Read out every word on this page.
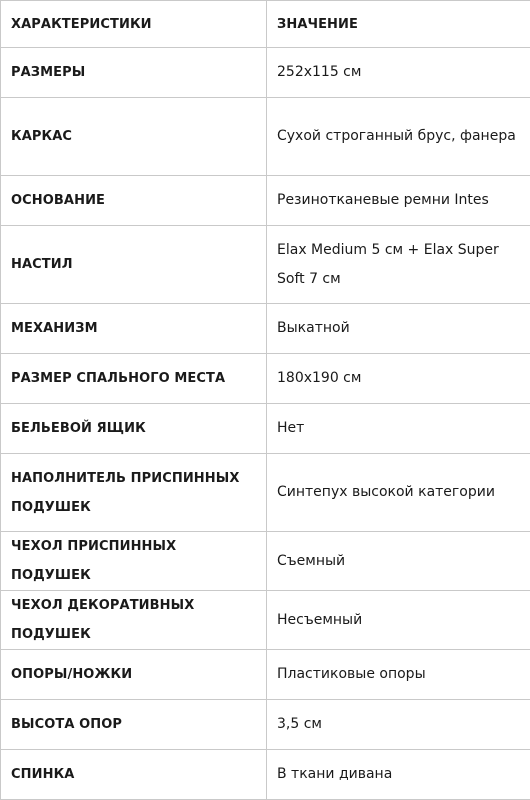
ХАРАКТЕРИСТИКИ	ЗНАЧЕНИЕ
РАЗМЕРЫ	252х115 см
КАРКАС	Сухой строганный брус, фанера
ОСНОВАНИЕ	Резинотканевые ремни Intes
НАСТИЛ	Elax Medium 5 см + Elax Super Soft 7 см
МЕХАНИЗМ	Выкатной
РАЗМЕР СПАЛЬНОГО МЕСТА	180х190 см
БЕЛЬЕВОЙ ЯЩИК	Нет
НАПОЛНИТЕЛЬ ПРИСПИННЫХ ПОДУШЕК	Синтепух высокой категории
ЧЕХОЛ ПРИСПИННЫХ ПОДУШЕК	Съемный
ЧЕХОЛ ДЕКОРАТИВНЫХ ПОДУШЕК	Несъемный
ОПОРЫ/НОЖКИ	Пластиковые опоры
ВЫСОТА ОПОР	3,5 см
СПИНКА	В ткани дивана
